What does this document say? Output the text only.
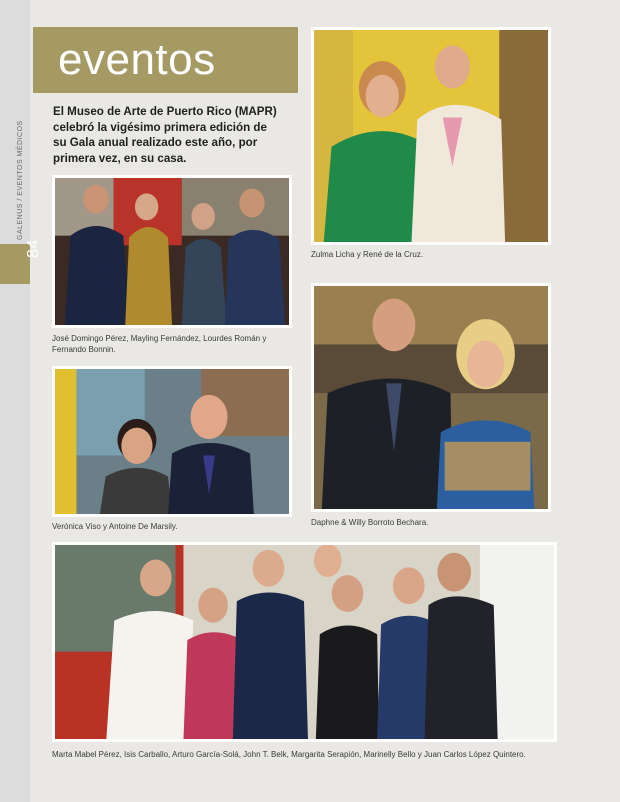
GALENUS / EVENTOS MÉDICOS
84
eventos
El Museo de Arte de Puerto Rico (MAPR) celebró la vigésimo primera edición de su Gala anual realizado este año, por primera vez, en su casa.
José Domingo Pérez, Mayling Fernández, Lourdes Román y Fernando Bonnin.
Zulma Licha y René de la Cruz.
Verónica Viso y Antoine De Marsily.	Daphne & Willy Borroto Bechara.
Marta Mabel Pérez, Isis Carballo, Arturo García-Solá, John T. Belk, Margarita Serapión, Marinelly Bello y Juan Carlos López Quintero.
